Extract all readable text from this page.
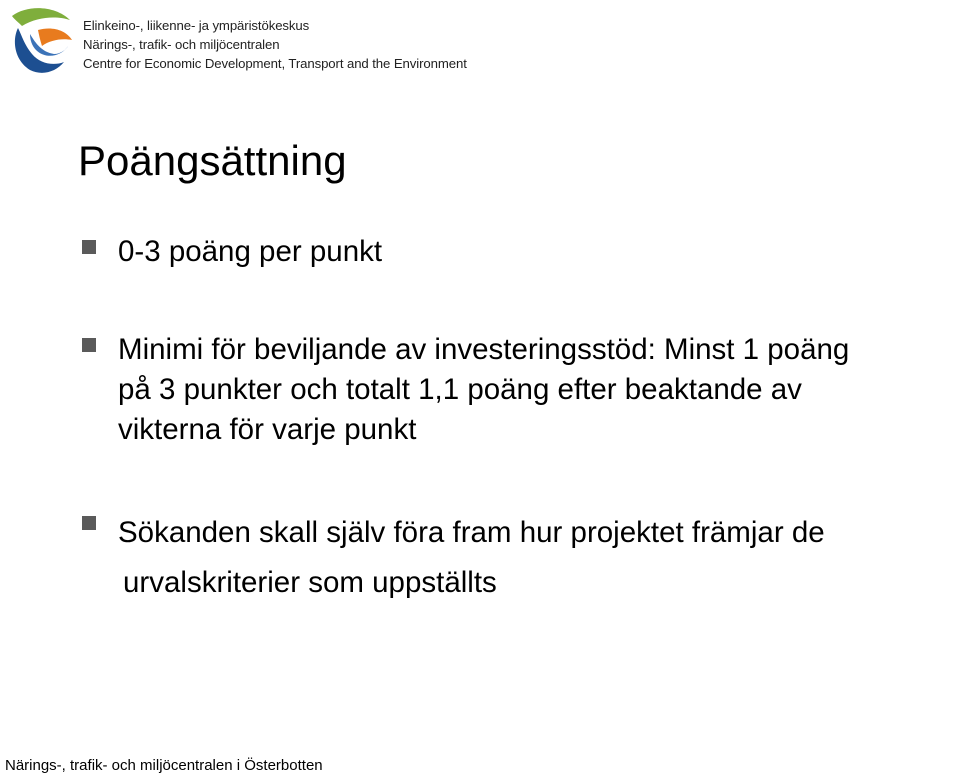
Elinkeino-, liikenne- ja ympäristökeskus
Närings-, trafik- och miljöcentralen
Centre for Economic Development, Transport and the Environment
Poängsättning
0-3 poäng per punkt
Minimi för beviljande av investeringsstöd: Minst 1 poäng
på 3 punkter och totalt 1,1 poäng efter beaktande av
vikterna för varje punkt
Sökanden skall själv föra fram hur projektet främjar de
urvalskriterier som uppställts
Närings-, trafik- och miljöcentralen i Österbotten
